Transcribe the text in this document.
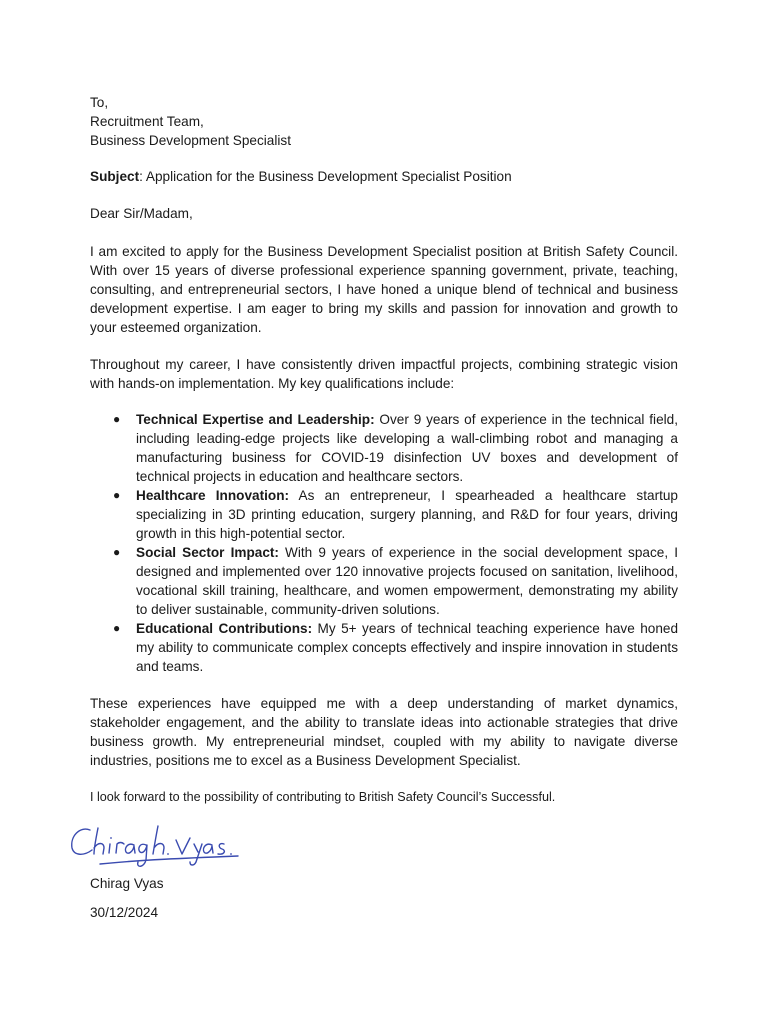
To,
Recruitment Team,
Business Development Specialist
Subject: Application for the Business Development Specialist Position
Dear Sir/Madam,
I am excited to apply for the Business Development Specialist position at British Safety Council. With over 15 years of diverse professional experience spanning government, private, teaching, consulting, and entrepreneurial sectors, I have honed a unique blend of technical and business development expertise. I am eager to bring my skills and passion for innovation and growth to your esteemed organization.
Throughout my career, I have consistently driven impactful projects, combining strategic vision with hands-on implementation. My key qualifications include:
● Technical Expertise and Leadership: Over 9 years of experience in the technical field, including leading-edge projects like developing a wall-climbing robot and managing a manufacturing business for COVID-19 disinfection UV boxes and development of technical projects in education and healthcare sectors.
● Healthcare Innovation: As an entrepreneur, I spearheaded a healthcare startup specializing in 3D printing education, surgery planning, and R&D for four years, driving growth in this high-potential sector.
● Social Sector Impact: With 9 years of experience in the social development space, I designed and implemented over 120 innovative projects focused on sanitation, livelihood, vocational skill training, healthcare, and women empowerment, demonstrating my ability to deliver sustainable, community-driven solutions.
● Educational Contributions: My 5+ years of technical teaching experience have honed my ability to communicate complex concepts effectively and inspire innovation in students and teams.
These experiences have equipped me with a deep understanding of market dynamics, stakeholder engagement, and the ability to translate ideas into actionable strategies that drive business growth. My entrepreneurial mindset, coupled with my ability to navigate diverse industries, positions me to excel as a Business Development Specialist.
I look forward to the possibility of contributing to British Safety Council’s Successful.
Chirag Vyas
30/12/2024
